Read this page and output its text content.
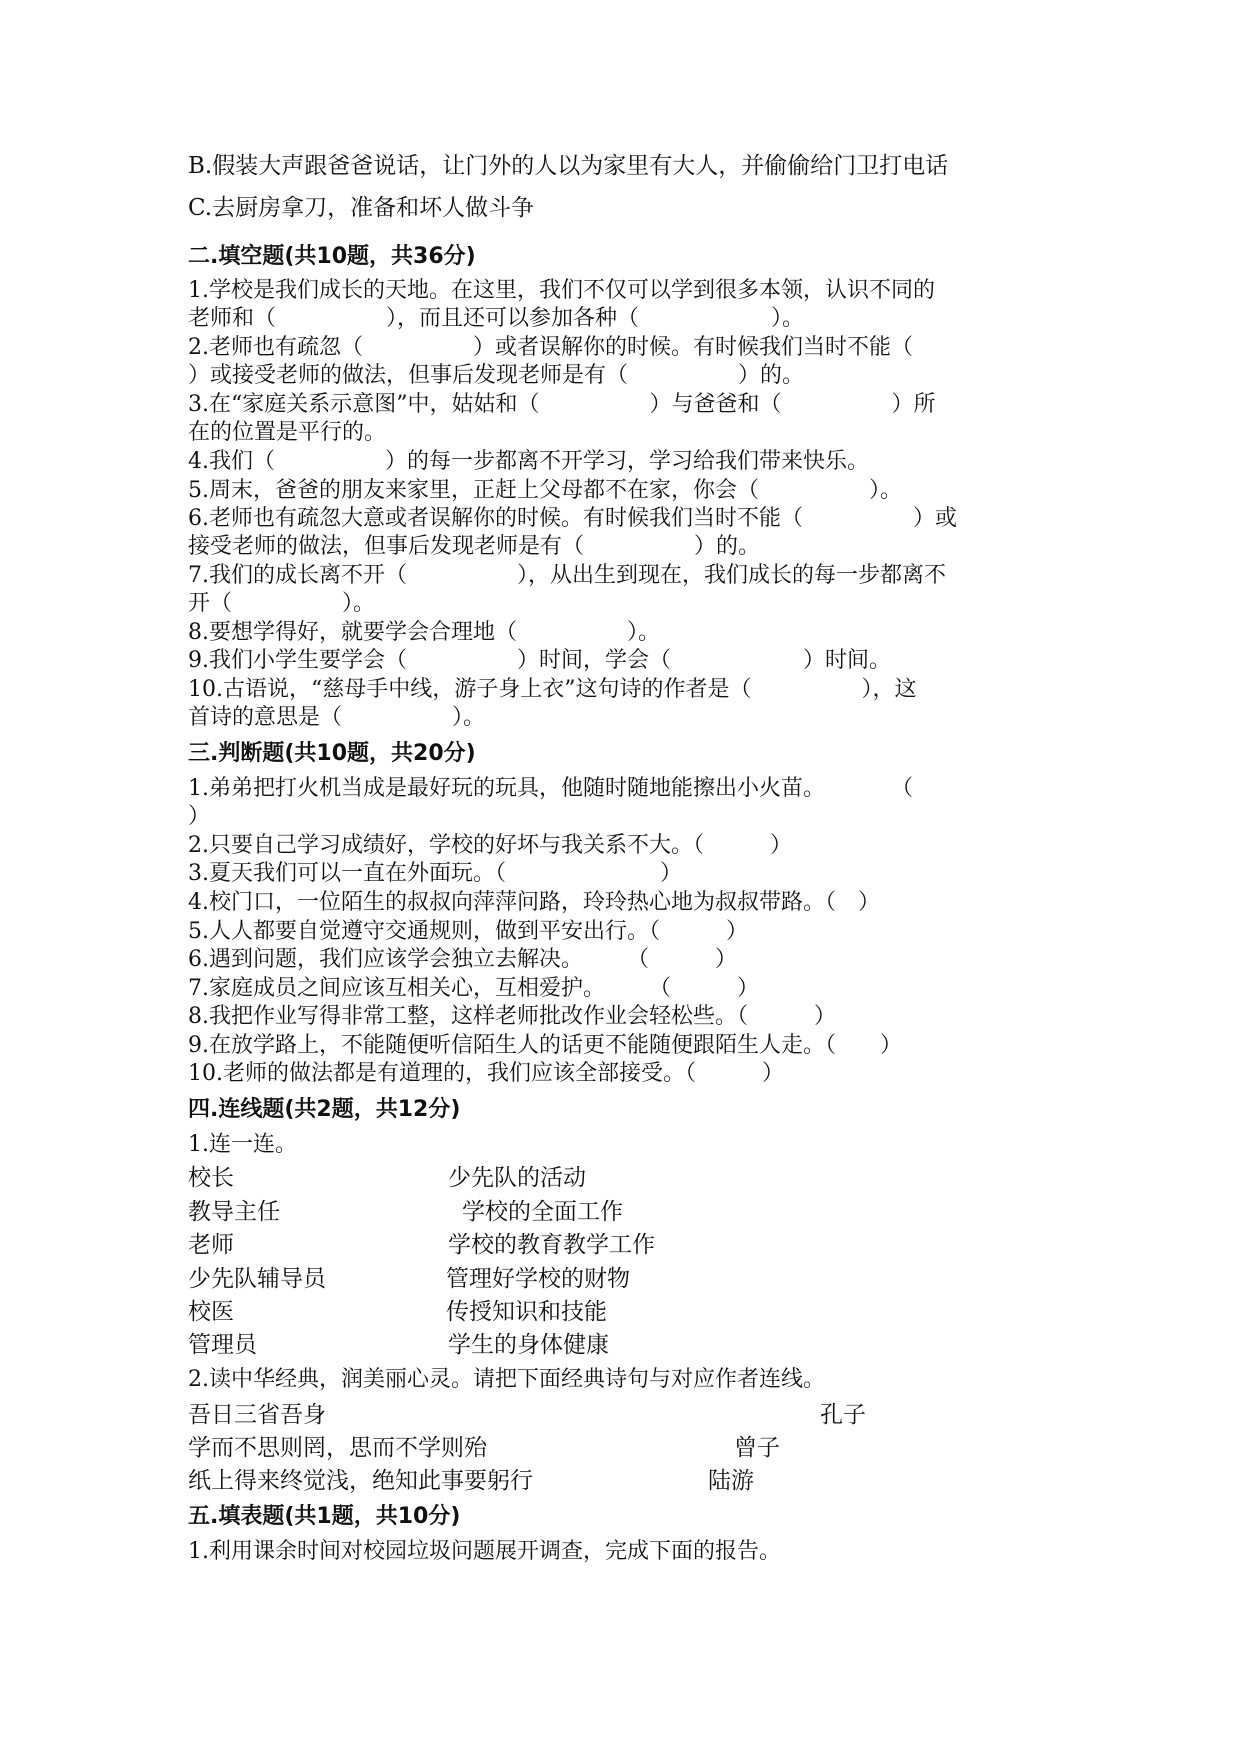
B.假装大声跟爸爸说话，让门外的人以为家里有大人，并偷偷给门卫打电话
C.去厨房拿刀，准备和坏人做斗争
二.填空题(共10题，共36分)
1.学校是我们成长的天地。在这里，我们不仅可以学到很多本领，认识不同的
老师和（　　　　　），而且还可以参加各种（　　　　　　）。
2.老师也有疏忽（　　　　　）或者误解你的时候。有时候我们当时不能（
）或接受老师的做法，但事后发现老师是有（　　　　　）的。
3.在“家庭关系示意图”中，姑姑和（　　　　　）与爸爸和（　　　　　）所
在的位置是平行的。
4.我们（　　　　　）的每一步都离不开学习，学习给我们带来快乐。
5.周末，爸爸的朋友来家里，正赶上父母都不在家，你会（　　　　　）。
6.老师也有疏忽大意或者误解你的时候。有时候我们当时不能（　　　　　）或
接受老师的做法，但事后发现老师是有（　　　　　）的。
7.我们的成长离不开（　　　　　），从出生到现在，我们成长的每一步都离不
开（　　　　　）。
8.要想学得好，就要学会合理地（　　　　　）。
9.我们小学生要学会（　　　　　）时间，学会（　　　　　　）时间。
10.古语说，“慈母手中线，游子身上衣”这句诗的作者是（　　　　　），这
首诗的意思是（　　　　　）。
三.判断题(共10题，共20分)
1.弟弟把打火机当成是最好玩的玩具，他随时随地能擦出小火苗。　　　　（
）
2.只要自己学习成绩好，学校的好坏与我关系不大。（　　　）
3.夏天我们可以一直在外面玩。（　　　　　　　）
4.校门口，一位陌生的叔叔向萍萍问路，玲玲热心地为叔叔带路。（　）
5.人人都要自觉遵守交通规则，做到平安出行。（　　　）
6.遇到问题，我们应该学会独立去解决。　　　（　　　）
7.家庭成员之间应该互相关心，互相爱护。　　　（　　　）
8.我把作业写得非常工整，这样老师批改作业会轻松些。（　　　）
9.在放学路上，不能随便听信陌生人的话更不能随便跟陌生人走。（　　）
10.老师的做法都是有道理的，我们应该全部接受。（　　　）
四.连线题(共2题，共12分)
1.连一连。
校长	少先队的活动
教导主任	学校的全面工作
老师	学校的教育教学工作
少先队辅导员	管理好学校的财物
校医	传授知识和技能
管理员	学生的身体健康
2.读中华经典，润美丽心灵。请把下面经典诗句与对应作者连线。
吾日三省吾身	孔子
学而不思则罔，思而不学则殆	曾子
纸上得来终觉浅，绝知此事要躬行	陆游
五.填表题(共1题，共10分)
1.利用课余时间对校园垃圾问题展开调查，完成下面的报告。
